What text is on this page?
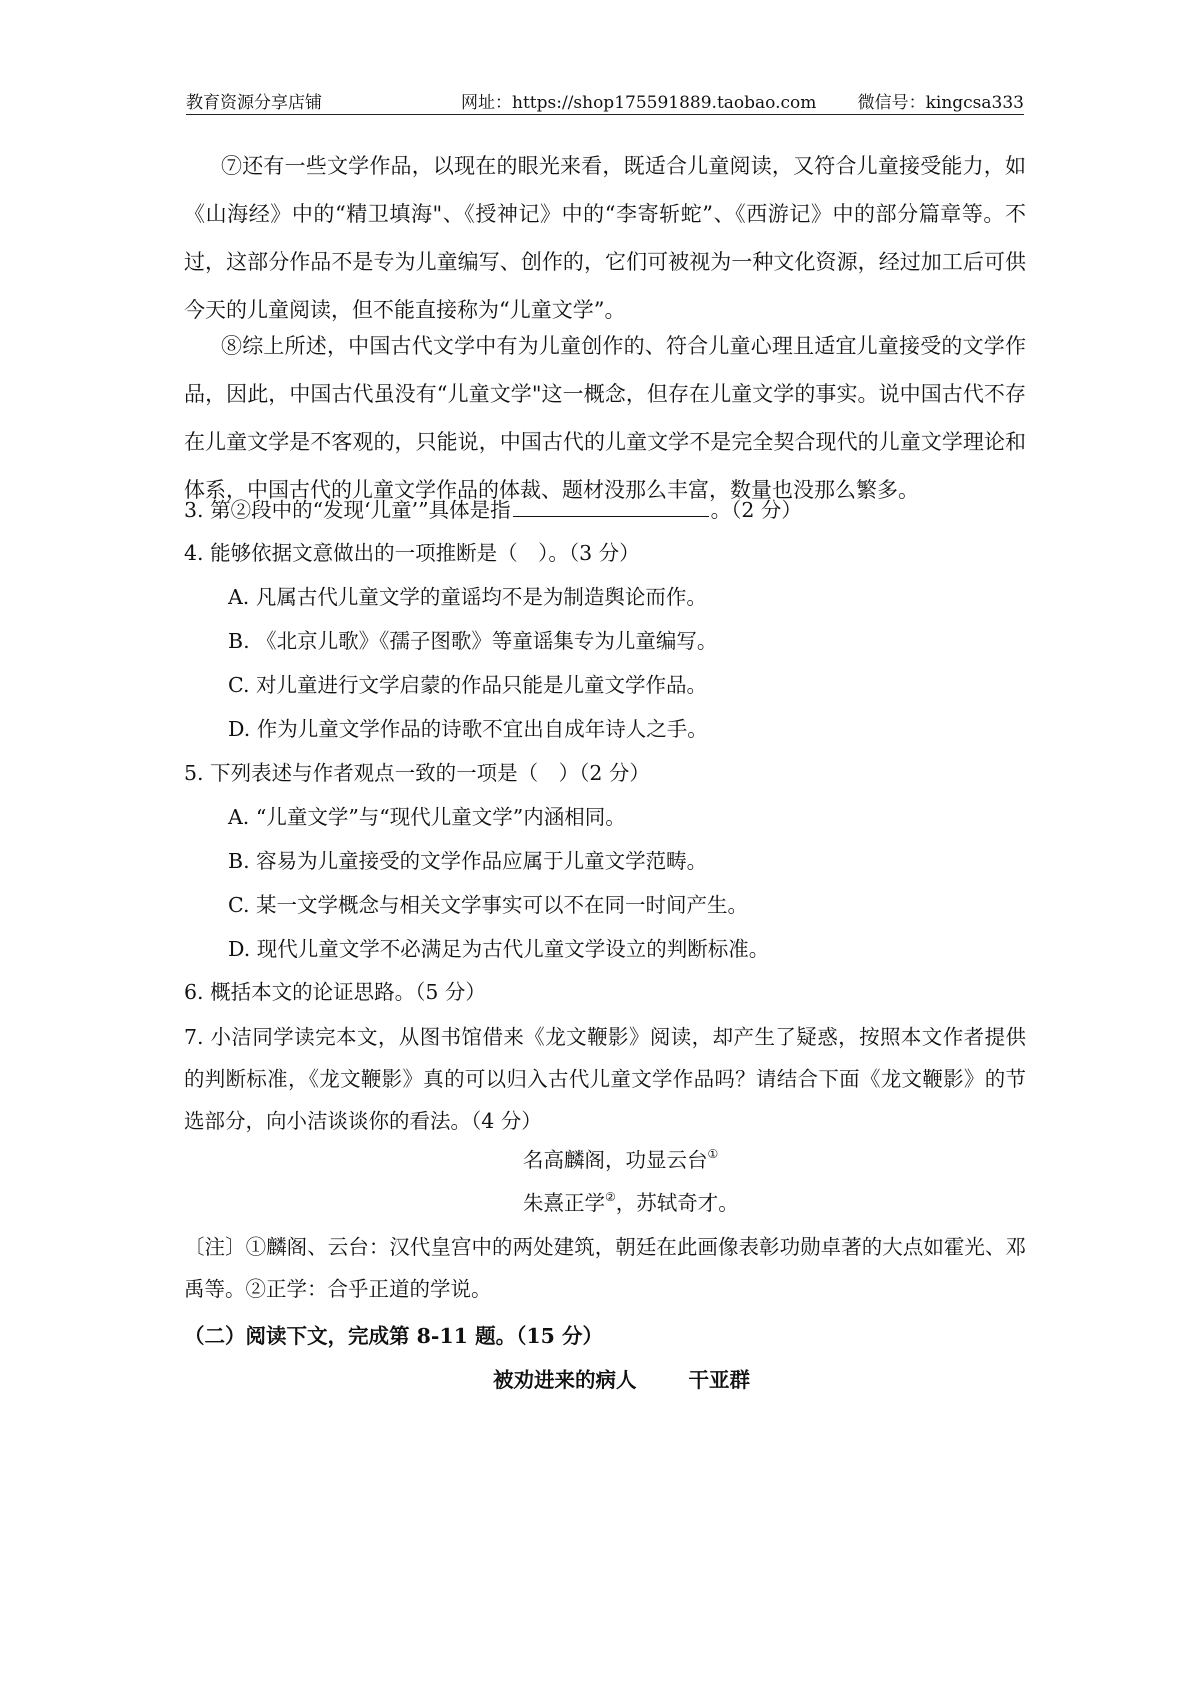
教育资源分享店铺	网址：https://shop175591889.taobao.com 微信号：kingcsa333

⑦还有一些文学作品，以现在的眼光来看，既适合儿童阅读，又符合儿童接受能力，如《山海经》中的“精卫填海"、《授神记》中的“李寄斩蛇”、《西游记》中的部分篇章等。不过，这部分作品不是专为儿童编写、创作的，它们可被视为一种文化资源，经过加工后可供今天的儿童阅读，但不能直接称为“儿童文学”。

⑧综上所述，中国古代文学中有为儿童创作的、符合儿童心理且适宜儿童接受的文学作品，因此，中国古代虽没有“儿童文学"这一概念，但存在儿童文学的事实。说中国古代不存在儿童文学是不客观的，只能说，中国古代的儿童文学不是完全契合现代的儿童文学理论和体系，中国古代的儿童文学作品的体裁、题材没那么丰富，数量也没那么繁多。

3. 第②段中的“发现‘儿童’”具体是指	。（2 分）
4. 能够依据文意做出的一项推断是（　）。（3 分）
A. 凡属古代儿童文学的童谣均不是为制造舆论而作。
B. 《北京儿歌》《孺子图歌》等童谣集专为儿童编写。
C. 对儿童进行文学启蒙的作品只能是儿童文学作品。
D. 作为儿童文学作品的诗歌不宜出自成年诗人之手。
5. 下列表述与作者观点一致的一项是（　）（2 分）
A. “儿童文学”与“现代儿童文学”内涵相同。
B. 容易为儿童接受的文学作品应属于儿童文学范畴。
C. 某一文学概念与相关文学事实可以不在同一时间产生。
D. 现代儿童文学不必满足为古代儿童文学设立的判断标准。
6. 概括本文的论证思路。（5 分）

7. 小洁同学读完本文，从图书馆借来《龙文鞭影》阅读，却产生了疑惑，按照本文作者提供的判断标准，《龙文鞭影》真的可以归入古代儿童文学作品吗？请结合下面《龙文鞭影》的节选部分，向小洁谈谈你的看法。（4 分）

名高麟阁，功显云台①
朱熹正学②，苏轼奇才。

〔注〕①麟阁、云台：汉代皇宫中的两处建筑，朝廷在此画像表彰功勋卓著的大点如霍光、邓禹等。②正学：合乎正道的学说。

（二）阅读下文，完成第 8-11 题。（15 分）
被劝进来的病人	干亚群
